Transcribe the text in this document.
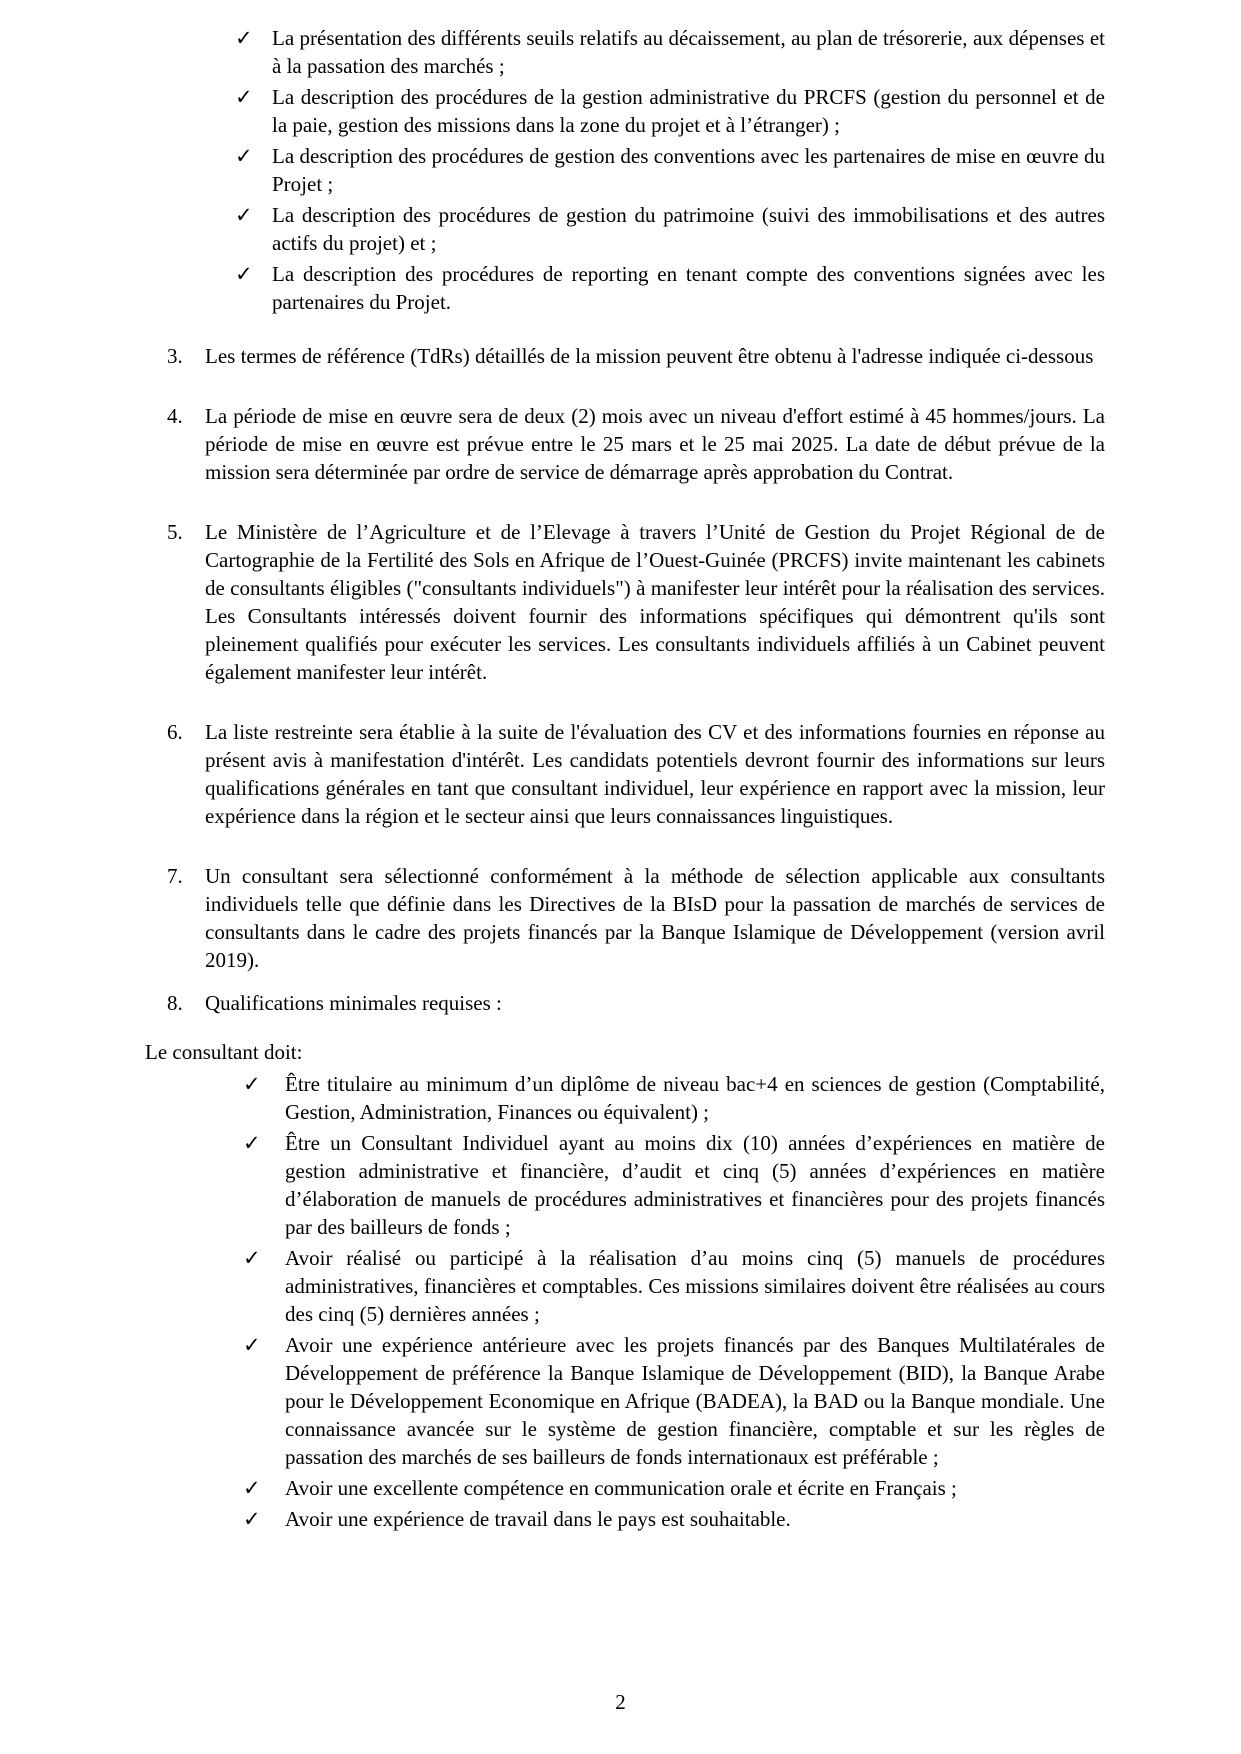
✓ La présentation des différents seuils relatifs au décaissement, au plan de trésorerie, aux dépenses et à la passation des marchés ;
✓ La description des procédures de la gestion administrative du PRCFS (gestion du personnel et de la paie, gestion des missions dans la zone du projet et à l’étranger) ;
✓ La description des procédures de gestion des conventions avec les partenaires de mise en œuvre du Projet ;
✓ La description des procédures de gestion du patrimoine (suivi des immobilisations et des autres actifs du projet) et ;
✓ La description des procédures de reporting en tenant compte des conventions signées avec les partenaires du Projet.
3. Les termes de référence (TdRs) détaillés de la mission peuvent être obtenu à l'adresse indiquée ci-dessous
4. La période de mise en œuvre sera de deux (2) mois avec un niveau d'effort estimé à 45 hommes/jours. La période de mise en œuvre est prévue entre le 25 mars et le 25 mai 2025. La date de début prévue de la mission sera déterminée par ordre de service de démarrage après approbation du Contrat.
5. Le Ministère de l’Agriculture et de l’Elevage à travers l’Unité de Gestion du Projet Régional de de Cartographie de la Fertilité des Sols en Afrique de l’Ouest-Guinée (PRCFS) invite maintenant les cabinets de consultants éligibles ("consultants individuels") à manifester leur intérêt pour la réalisation des services. Les Consultants intéressés doivent fournir des informations spécifiques qui démontrent qu'ils sont pleinement qualifiés pour exécuter les services. Les consultants individuels affiliés à un Cabinet peuvent également manifester leur intérêt.
6. La liste restreinte sera établie à la suite de l'évaluation des CV et des informations fournies en réponse au présent avis à manifestation d'intérêt. Les candidats potentiels devront fournir des informations sur leurs qualifications générales en tant que consultant individuel, leur expérience en rapport avec la mission, leur expérience dans la région et le secteur ainsi que leurs connaissances linguistiques.
7. Un consultant sera sélectionné conformément à la méthode de sélection applicable aux consultants individuels telle que définie dans les Directives de la BIsD pour la passation de marchés de services de consultants dans le cadre des projets financés par la Banque Islamique de Développement (version avril 2019).
8. Qualifications minimales requises :

Le consultant doit:

✓ Être titulaire au minimum d’un diplôme de niveau bac+4 en sciences de gestion (Comptabilité, Gestion, Administration, Finances ou équivalent) ;
✓ Être un Consultant Individuel ayant au moins dix (10) années d’expériences en matière de gestion administrative et financière, d’audit et cinq (5) années d’expériences en matière d’élaboration de manuels de procédures administratives et financières pour des projets financés par des bailleurs de fonds ;
✓ Avoir réalisé ou participé à la réalisation d’au moins cinq (5) manuels de procédures administratives, financières et comptables. Ces missions similaires doivent être réalisées au cours des cinq (5) dernières années ;
✓ Avoir une expérience antérieure avec les projets financés par des Banques Multilatérales de Développement de préférence la Banque Islamique de Développement (BID), la Banque Arabe pour le Développement Economique en Afrique (BADEA), la BAD ou la Banque mondiale. Une connaissance avancée sur le système de gestion financière, comptable et sur les règles de passation des marchés de ses bailleurs de fonds internationaux est préférable ;
✓ Avoir une excellente compétence en communication orale et écrite en Français ;
✓ Avoir une expérience de travail dans le pays est souhaitable.
2
